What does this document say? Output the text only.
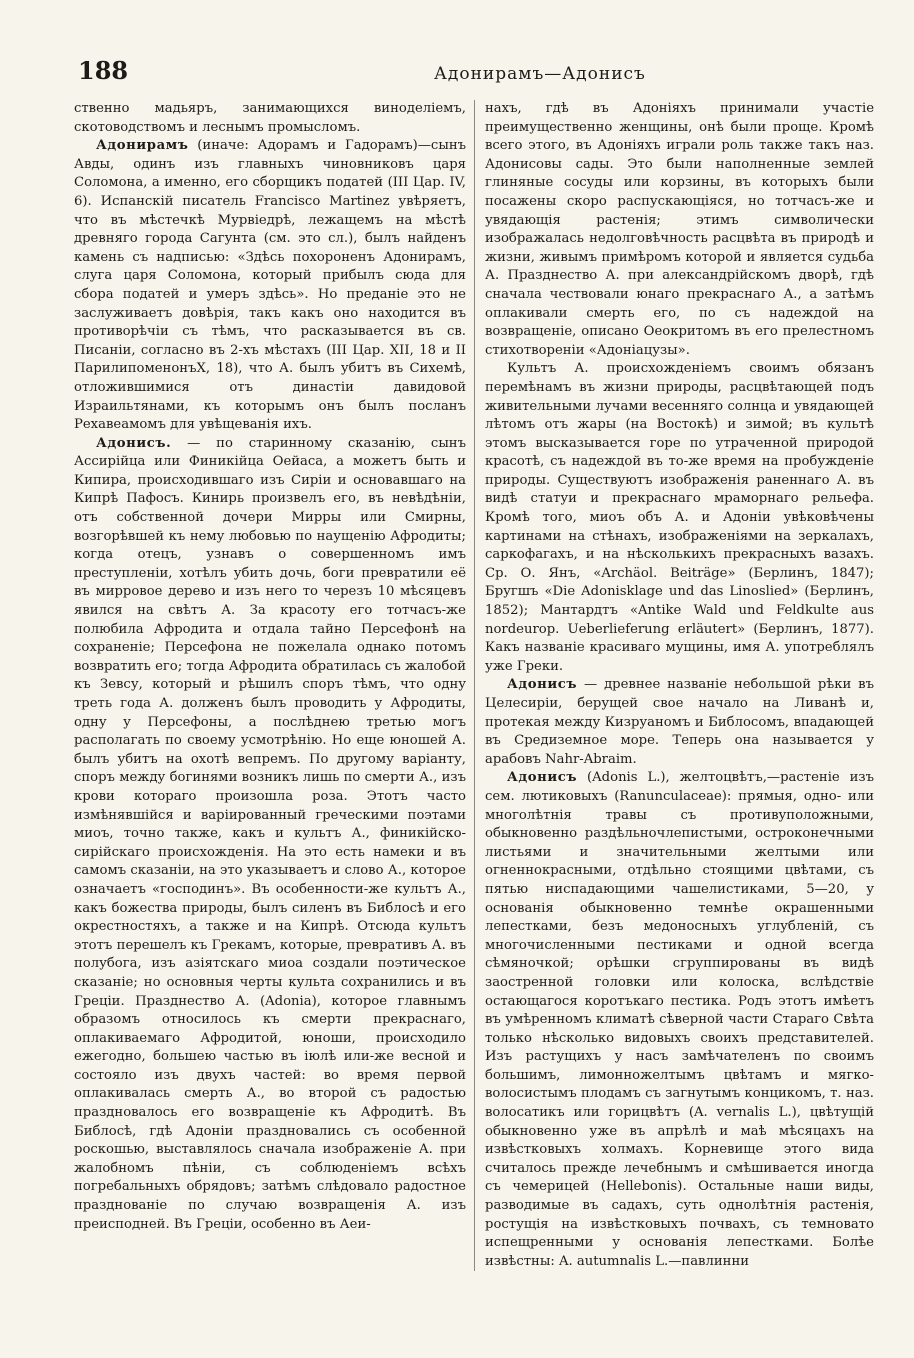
188	Адонирамъ—Адонисъ

ственно мадьяръ, занимающихся виноделiемъ, скотоводствомъ и леснымъ промысломъ.

Адонирамъ (иначе: Адорамъ и Гадорамъ)—сынъ Авды, одинъ изъ главныхъ чиновниковъ царя Соломона, а именно, его сборщикъ податей (III Цар. IV, 6). Испанскiй писатель Francisco Martinez увѣряетъ, что въ мѣстечкѣ Мурвiедрѣ, лежащемъ на мѣстѣ древняго города Сагунта (см. это сл.), былъ найденъ камень съ надписью: «Здѣсь похороненъ Адонирамъ, слуга царя Соломона, который прибылъ сюда для сбора податей и умеръ здѣсь». Но преданiе это не заслуживаетъ довѣрiя, такъ какъ оно находится въ противорѣчiи съ тѣмъ, что расказывается въ св. Писанiи, согласно въ 2-хъ мѣстахъ (III Цар. XII, 18 и II ПарилипоменонъX, 18), что А. былъ убитъ въ Сихемѣ, отложившимися отъ династiи давидовой Израильтянами, къ которымъ онъ былъ посланъ Рехавеамомъ для увѣщеванiя ихъ.

Адонисъ. — по старинному сказанiю, сынъ Ассирiйца или Финикiйца Оейаса, а можетъ быть и Кипира, происходившаго изъ Сирiи и основавшаго на Кипрѣ Пафосъ. Кинирь произвелъ его, въ невѣдѣнiи, отъ собственной дочери Мирры или Смирны, возгорѣвшей къ нему любовью по наущенiю Афродиты; когда отецъ, узнавъ о совершенномъ имъ преступленiи, хотѣлъ убить дочь, боги превратили её въ мирровое дерево и изъ него то черезъ 10 мѣсяцевъ явился на свѣтъ А. За красоту его тотчасъ-же полюбила Афродита и отдала тайно Персефонѣ на сохраненiе; Персефона не пожелала однако потомъ возвратить его; тогда Афродита обратилась съ жалобой къ Зевсу, который и рѣшилъ споръ тѣмъ, что одну треть года А. долженъ былъ проводить у Афродиты, одну у Персефоны, а послѣднею третью могъ располагать по своему усмотрѣнiю. Но еще юношей А. былъ убитъ на охотѣ вепремъ. По другому варiанту, споръ между богинями возникъ лишь по смерти А., изъ крови котораго произошла роза. Этотъ часто измѣнявшiйся и варiированный греческими поэтами миоъ, точно также, какъ и культъ А., финикiйско-сирiйскаго происхожденiя. На это есть намеки и въ самомъ сказанiи, на это указываетъ и слово А., которое означаетъ «господинъ». Въ особенности-же культъ А., какъ божества природы, былъ силенъ въ Библосѣ и его окрестностяхъ, а также и на Кипрѣ. Отсюда культъ этотъ перешелъ къ Грекамъ, которые, превративъ А. въ полубога, изъ азiятскаго миоа создали поэтическое сказанiе; но основныя черты культа сохранились и въ Грецiи. Празднество А. (Adonia), которое главнымъ образомъ относилось къ смерти прекраснаго, оплакиваемаго Афродитой, юноши, происходило ежегодно, большею частью въ iюлѣ или-же весной и состояло изъ двухъ частей: во время первой оплакивалась смерть А., во второй съ радостью праздновалось его возвращенiе къ Афродитѣ. Въ Библосѣ, гдѣ Адонiи праздновались съ особенной роскошью, выставлялось сначала изображенiе А. при жалобномъ пѣнiи, съ соблюденiемъ всѣхъ погребальныхъ обрядовъ; затѣмъ слѣдовало радостное празднованiе по случаю возвращенiя А. изъ преисподней. Въ Грецiи, особенно въ Аеи-

нахъ, гдѣ въ Адонiяхъ принимали участiе преимущественно женщины, онѣ были проще. Кромѣ всего этого, въ Адонiяхъ играли роль также такъ наз. Адонисовы сады. Это были наполненные землей глиняные сосуды или корзины, въ которыхъ были посажены скоро распускающiяся, но тотчасъ-же и увядающiя растенiя; этимъ символически изображалась недолговѣчность расцвѣта въ природѣ и жизни, живымъ примѣромъ которой и является судьба А. Празднество А. при александрiйскомъ дворѣ, гдѣ сначала чествовали юнаго прекраснаго А., а затѣмъ оплакивали смерть его, по съ надеждой на возвращенiе, описано Оеокритомъ въ его прелестномъ стихотворенiи «Адонiацузы».

Культъ А. происхожденiемъ своимъ обязанъ перемѣнамъ въ жизни природы, расцвѣтающей подъ живительными лучами весенняго солнца и увядающей лѣтомъ отъ жары (на Востокѣ) и зимой; въ культѣ этомъ высказывается горе по утраченной природой красотѣ, съ надеждой въ то-же время на пробужденiе природы. Существуютъ изображенiя раненнаго А. въ видѣ статуи и прекраснаго мраморнаго рельефа. Кромѣ того, миоъ объ А. и Адонiи увѣковѣчены картинами на стѣнахъ, изображенiями на зеркалахъ, саркофагахъ, и на нѣсколькихъ прекрасныхъ вазахъ. Ср. О. Янъ, «Archäol. Beiträge» (Берлинъ, 1847); Бругшъ «Die Adonisklage und das Linoslied» (Берлинъ, 1852); Мантардтъ «Antike Wald und Feldkulte aus nordeurop. Ueberlieferung erläutert» (Берлинъ, 1877). Какъ названiе красиваго мущины, имя А. употреблялъ уже Греки.

Адонисъ — древнее названiе небольшой рѣки въ Целесирiи, берущей свое начало на Ливанѣ и, протекая между Кизруаномъ и Библосомъ, впадающей въ Средиземное море. Теперь она называется у арабовъ Nahr-Abraim.

Адонисъ (Adonis L.), желтоцвѣтъ,—растенiе изъ сем. лютиковыхъ (Ranunculaceae): прямыя, одно- или многолѣтнiя травы съ противуположными, обыкновенно раздѣльночлепистыми, остроконечными листьями и значительными желтыми или огненнокрасными, отдѣльно стоящими цвѣтами, съ пятью ниспадающими чашелистиками, 5—20, у основанiя обыкновенно темнѣе окрашенными лепестками, безъ медоносныхъ углубленiй, съ многочисленными пестиками и одной всегда сѣмяночкой; орѣшки сгруппированы въ видѣ заостренной головки или колоска, вслѣдствiе остающагося коротъкаго пестика. Родъ этотъ имѣетъ въ умѣренномъ климатѣ сѣверной части Стараго Свѣта только нѣсколько видовыхъ своихъ представителей. Изъ растущихъ у насъ замѣчателенъ по своимъ большимъ, лимонножелтымъ цвѣтамъ и мягко-волосистымъ плодамъ съ загнутымъ концикомъ, т. наз. волосатикъ или горицвѣтъ (A. vernalis L.), цвѣтущiй обыкновенно уже въ апрѣлѣ и маѣ мѣсяцахъ на извѣстковыхъ холмахъ. Корневище этого вида считалось прежде лечебнымъ и смѣшивается иногда съ чемерицей (Hellebonis). Остальные наши виды, разводимые въ садахъ, суть однолѣтнiя растенiя, ростущiя на извѣстковыхъ почвахъ, съ темновато испещренными у основанiя лепестками. Болѣе извѣстны: A. autumnalis L.—павлинни
